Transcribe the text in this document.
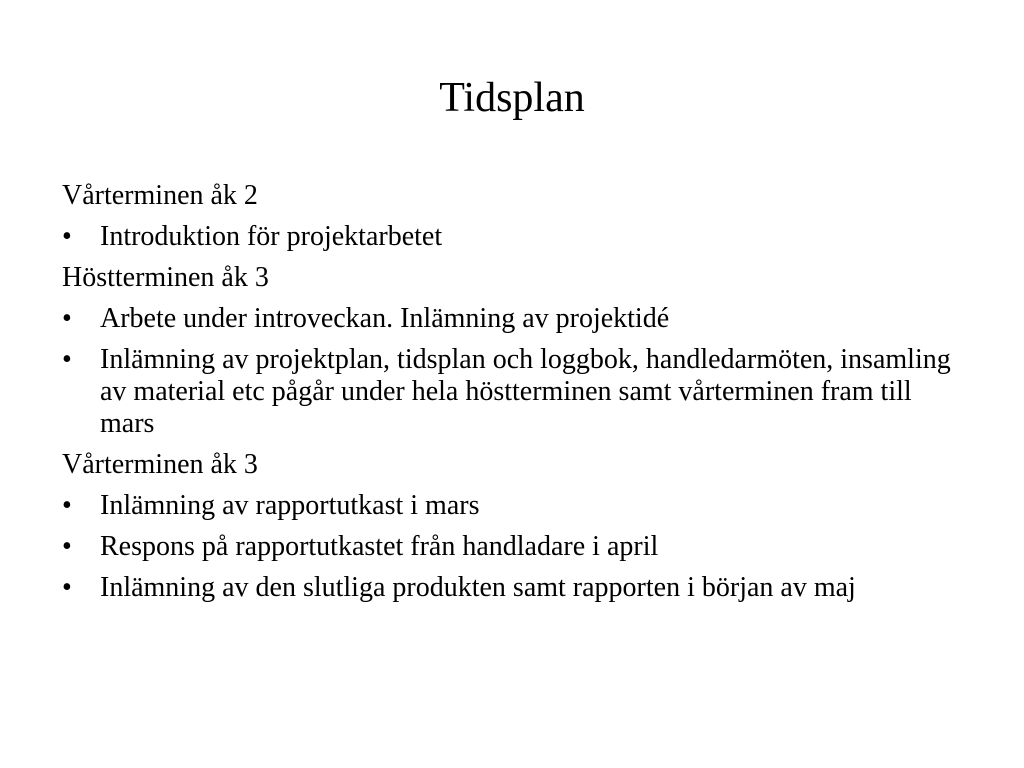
Tidsplan
Vårterminen åk 2
•	Introduktion för projektarbetet
Höstterminen åk 3
•	Arbete under introveckan. Inlämning av projektidé
•	Inlämning av projektplan, tidsplan och loggbok, handledarmöten, insamling av material etc pågår under hela höstterminen samt vårterminen fram till mars
Vårterminen åk 3
•	Inlämning av rapportutkast i mars
•	Respons på rapportutkastet från handladare i april
•	Inlämning av den slutliga produkten samt rapporten i början av maj
